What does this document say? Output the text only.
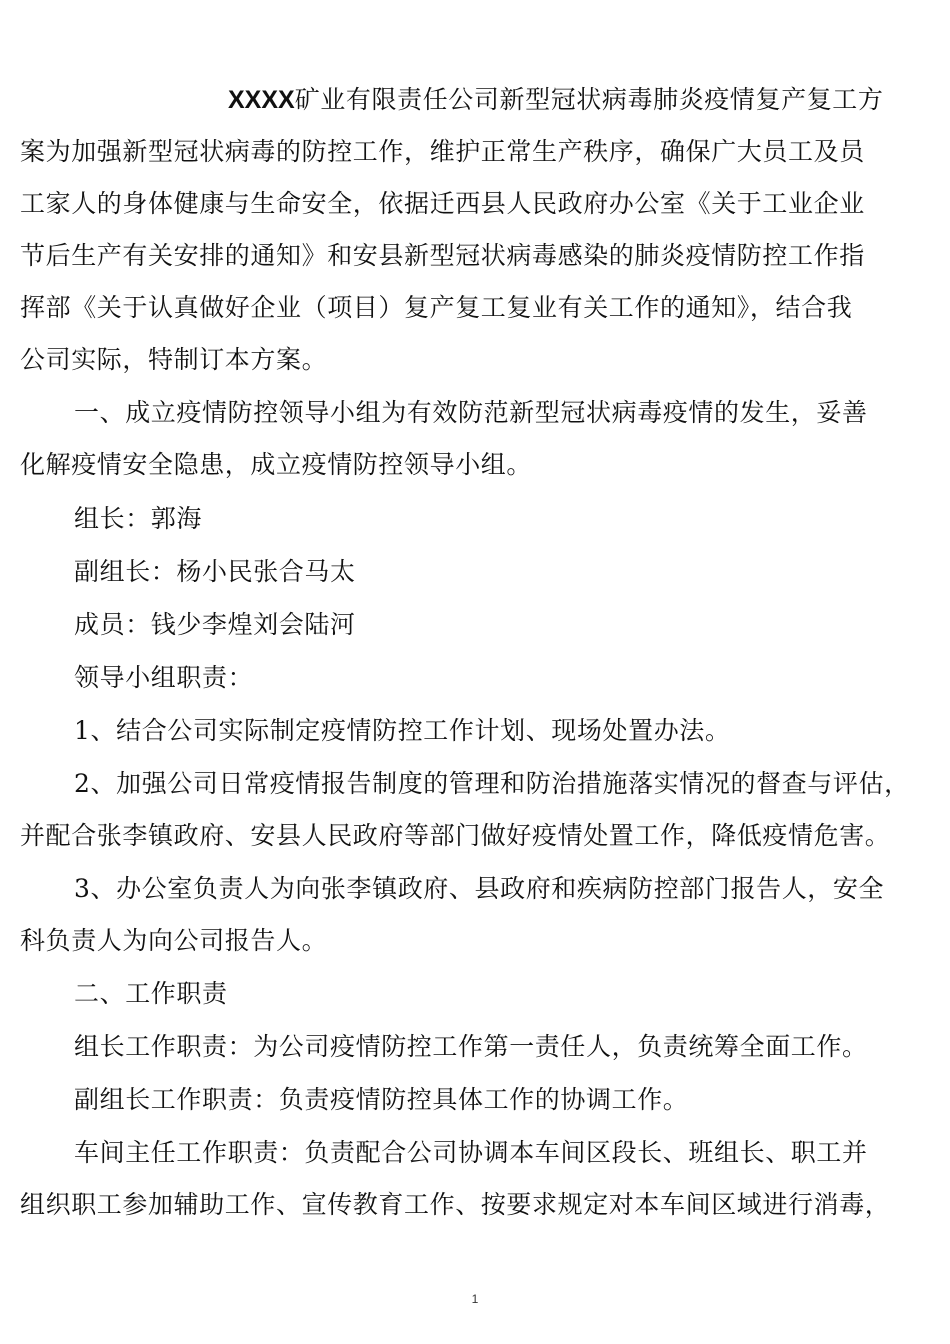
XXXX矿业有限责任公司新型冠状病毒肺炎疫情复产复工方
案为加强新型冠状病毒的防控工作，维护正常生产秩序，确保广大员工及员
工家人的身体健康与生命安全，依据迁西县人民政府办公室《关于工业企业
节后生产有关安排的通知》和安县新型冠状病毒感染的肺炎疫情防控工作指
挥部《关于认真做好企业（项目）复产复工复业有关工作的通知》，结合我
公司实际，特制订本方案。
一、成立疫情防控领导小组为有效防范新型冠状病毒疫情的发生，妥善
化解疫情安全隐患，成立疫情防控领导小组。
组长：郭海
副组长：杨小民张合马太
成员：钱少李煌刘会陆河
领导小组职责：
1、结合公司实际制定疫情防控工作计划、现场处置办法。
2、加强公司日常疫情报告制度的管理和防治措施落实情况的督查与评估，
并配合张李镇政府、安县人民政府等部门做好疫情处置工作，降低疫情危害。
3、办公室负责人为向张李镇政府、县政府和疾病防控部门报告人，安全
科负责人为向公司报告人。
二、工作职责
组长工作职责：为公司疫情防控工作第一责任人，负责统筹全面工作。
副组长工作职责：负责疫情防控具体工作的协调工作。
车间主任工作职责：负责配合公司协调本车间区段长、班组长、职工并
组织职工参加辅助工作、宣传教育工作、按要求规定对本车间区域进行消毒，
1
